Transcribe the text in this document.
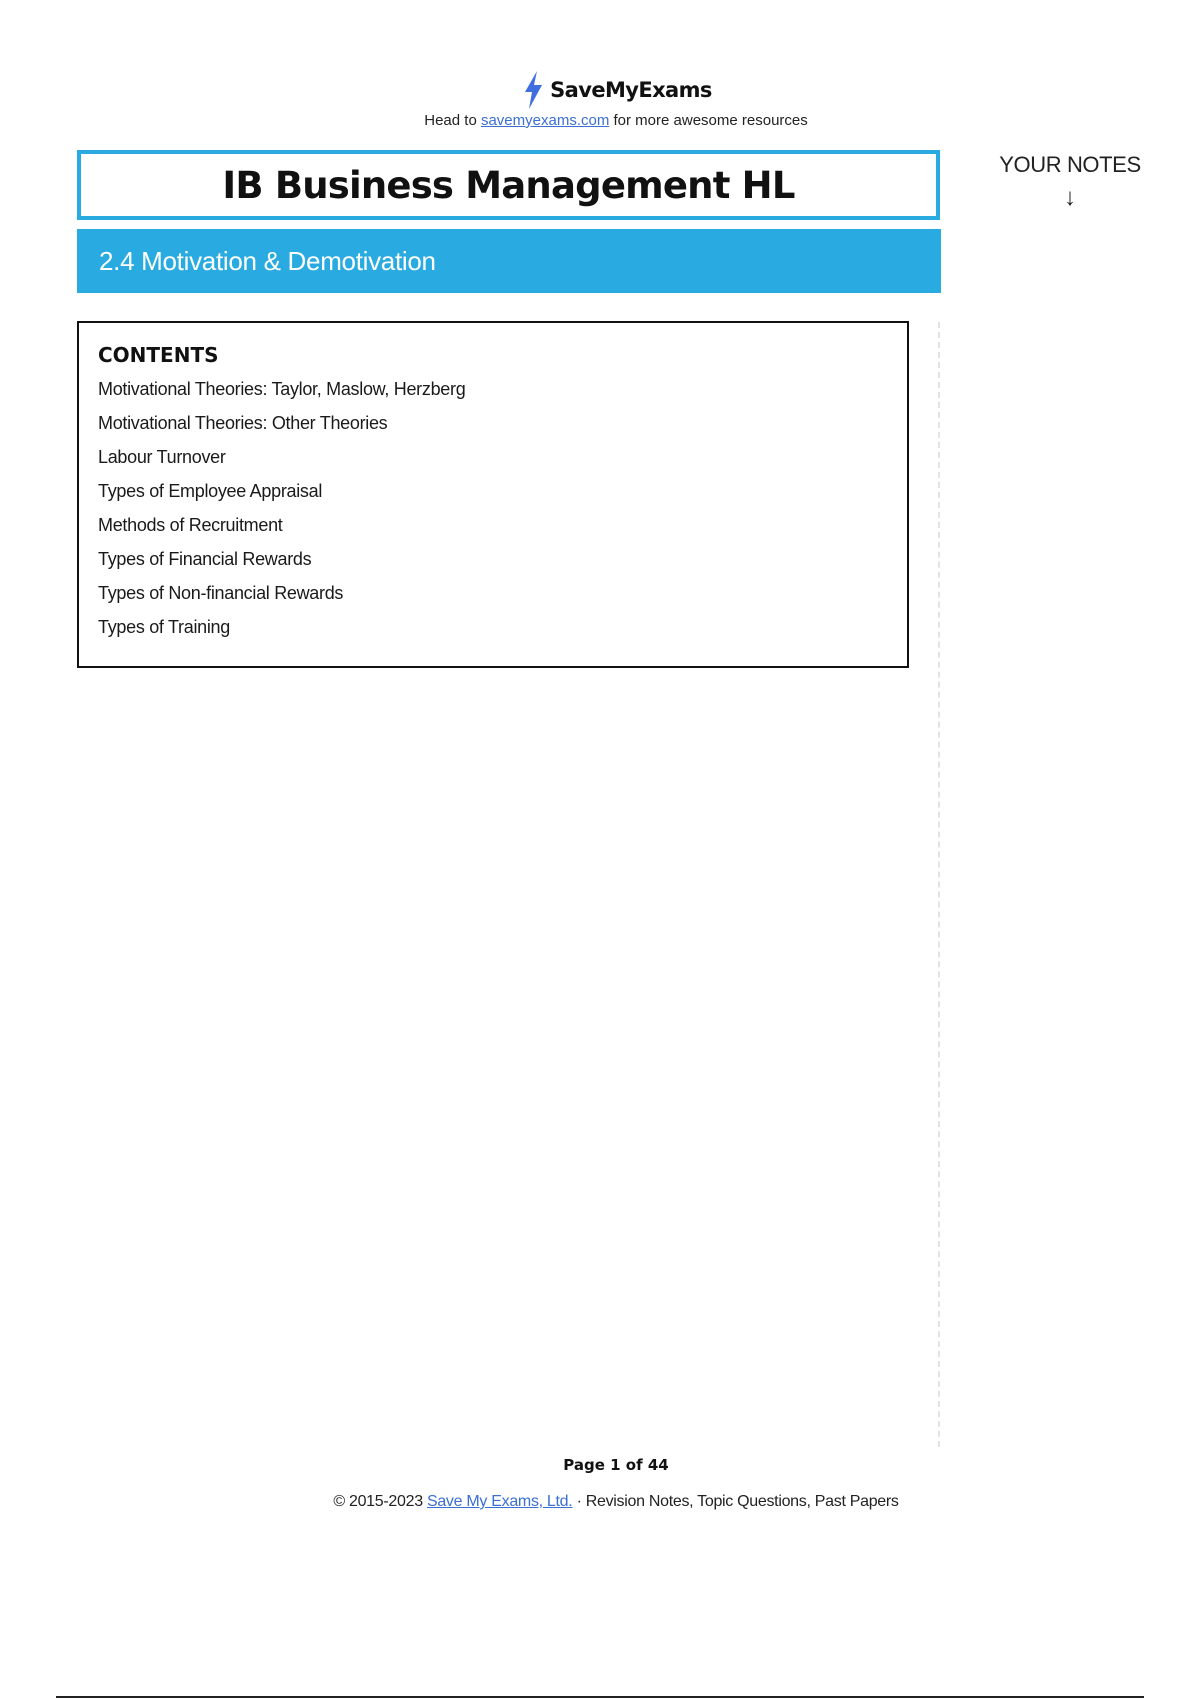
SaveMyExams
Head to savemyexams.com for more awesome resources
IB Business Management HL
2.4 Motivation & Demotivation
YOUR NOTES
↓
CONTENTS
Motivational Theories: Taylor, Maslow, Herzberg
Motivational Theories: Other Theories
Labour Turnover
Types of Employee Appraisal
Methods of Recruitment
Types of Financial Rewards
Types of Non-financial Rewards
Types of Training
Page 1 of 44
© 2015-2023 Save My Exams, Ltd. · Revision Notes, Topic Questions, Past Papers
